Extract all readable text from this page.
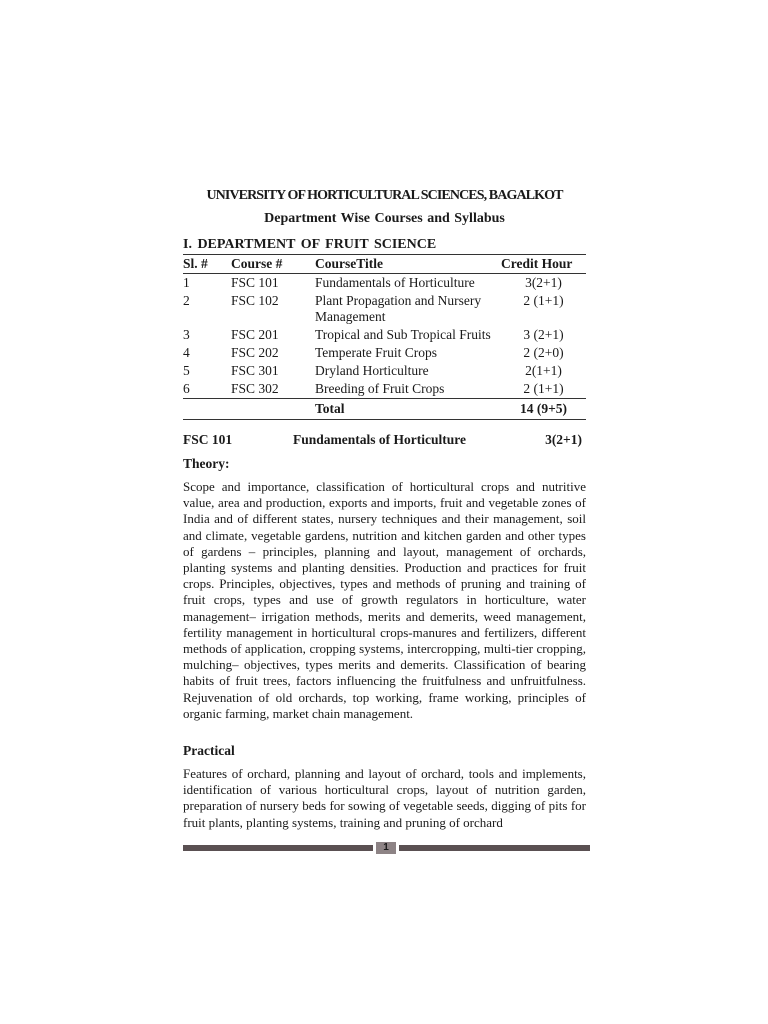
UNIVERSITY OF HORTICULTURAL SCIENCES, BAGALKOT
Department Wise Courses and Syllabus
I. DEPARTMENT OF FRUIT SCIENCE
Sl. #	Course #	CourseTitle	Credit Hour
1	FSC 101	Fundamentals of Horticulture	3(2+1)
2	FSC 102	Plant Propagation and Nursery Management	2 (1+1)
3	FSC 201	Tropical and Sub Tropical Fruits	3 (2+1)
4	FSC 202	Temperate Fruit Crops	2 (2+0)
5	FSC 301	Dryland Horticulture	2(1+1)
6	FSC 302	Breeding of Fruit Crops	2 (1+1)
		Total	14 (9+5)
FSC 101	Fundamentals of Horticulture	3(2+1)
Theory:
Scope and importance, classification of horticultural crops and nutritive value, area and production, exports and imports, fruit and vegetable zones of India and of different states, nursery techniques and their management, soil and climate, vegetable gardens, nutrition and kitchen garden and other types of gardens – principles, planning and layout, management of orchards, planting systems and planting densities. Production and practices for fruit crops. Principles, objectives, types and methods of pruning and training of fruit crops, types and use of growth regulators in horticulture, water management– irrigation methods, merits and demerits, weed management, fertility management in horticultural crops-manures and fertilizers, different methods of application, cropping systems, intercropping, multi-tier cropping, mulching– objectives, types merits and demerits. Classification of bearing habits of fruit trees, factors influencing the fruitfulness and unfruitfulness. Rejuvenation of old orchards, top working, frame working, principles of organic farming, market chain management.
Practical
Features of orchard, planning and layout of orchard, tools and implements, identification of various horticultural crops, layout of nutrition garden, preparation of nursery beds for sowing of vegetable seeds, digging of pits for fruit plants, planting systems, training and pruning of orchard
1
